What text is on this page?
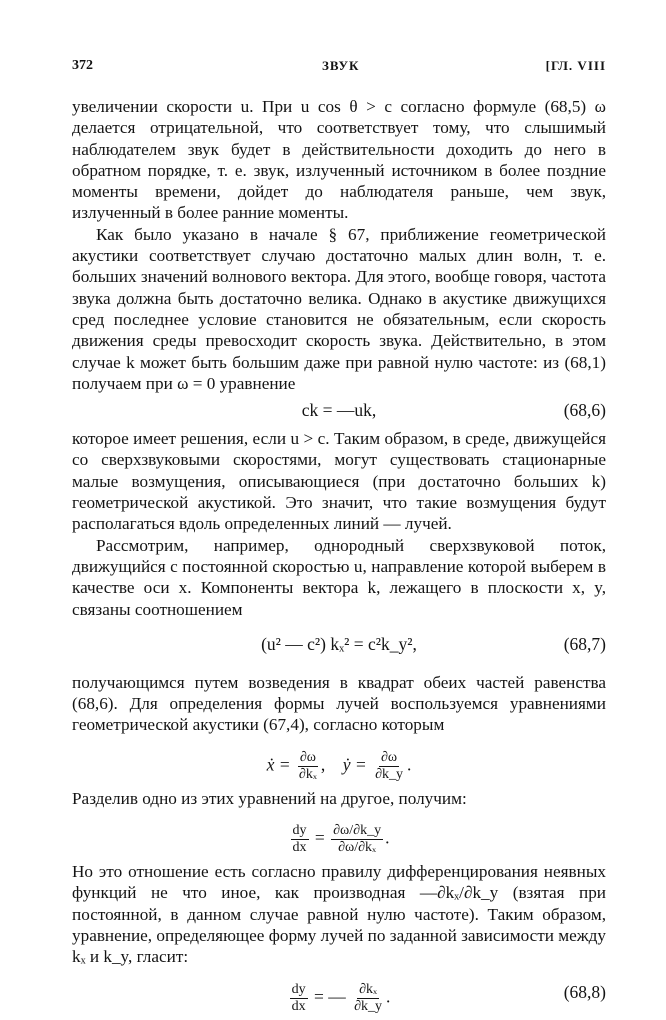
372	ЗВУК	[ГЛ. VIII

увеличении скорости u. При u cos θ > c согласно формуле (68,5) ω делается отрицательной, что соответствует тому, что слышимый наблюдателем звук будет в действительности доходить до него в обратном порядке, т. е. звук, излученный источником в более поздние моменты времени, дойдет до наблюдателя раньше, чем звук, излученный в более ранние моменты.

Как было указано в начале § 67, приближение геометрической акустики соответствует случаю достаточно малых длин волн, т. е. больших значений волнового вектора. Для этого, вообще говоря, частота звука должна быть достаточно велика. Однако в акустике движущихся сред последнее условие становится не обязательным, если скорость движения среды превосходит скорость звука. Действительно, в этом случае k может быть большим даже при равной нулю частоте: из (68,1) получаем при ω = 0 уравнение

ck = —uk,	(68,6)

которое имеет решения, если u > c. Таким образом, в среде, движущейся со сверхзвуковыми скоростями, могут существовать стационарные малые возмущения, описывающиеся (при достаточно больших k) геометрической акустикой. Это значит, что такие возмущения будут располагаться вдоль определенных линий — лучей.

Рассмотрим, например, однородный сверхзвуковой поток, движущийся с постоянной скоростью u, направление которой выберем в качестве оси x. Компоненты вектора k, лежащего в плоскости x, y, связаны соотношением

(u² — c²) kₓ² = c²k_y²,	(68,7)

получающимся путем возведения в квадрат обеих частей равенства (68,6). Для определения формы лучей воспользуемся уравнениями геометрической акустики (67,4), согласно которым

ẋ = $\frac{\partial\omega}{\text{∂kₓ}}$ , ẏ = $\frac{\partial\omega}{\partial k\_y}$ .

Разделив одно из этих уравнений на другое, получим:

$\frac{dy}{dx} = \frac{\partial\omega/\partial k\_y}{\text{∂ω/∂kₓ}}$ .

Но это отношение есть согласно правилу дифференцирования неявных функций не что иное, как производная —∂kₓ/∂k_y (взятая при постоянной, в данном случае равной нулю частоте). Таким образом, уравнение, определяющее форму лучей по заданной зависимости между kₓ и k_y, гласит:

$\frac{dy}{dx}$ = — $\frac{\text{∂kₓ}}{\partial k\_y}$ .	(68,8)
